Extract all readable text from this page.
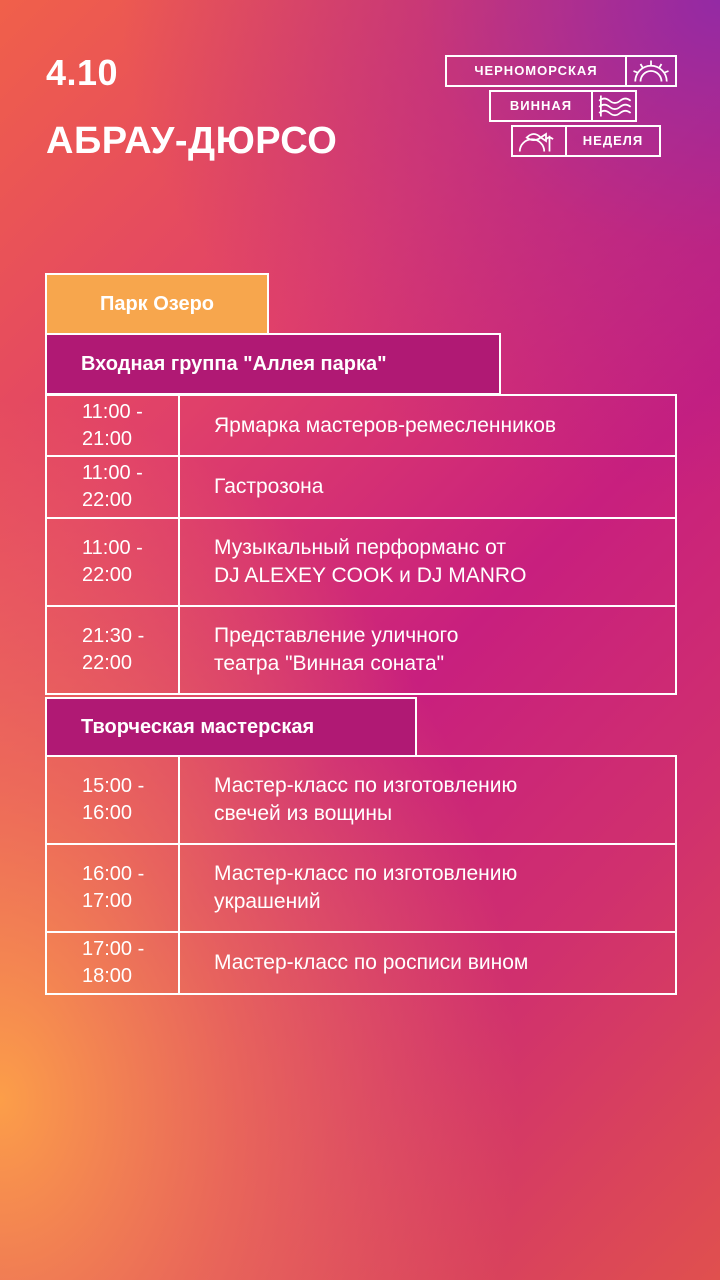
4.10
АБРАУ-ДЮРСО
ЧЕРНОМОРСКАЯ
ВИННАЯ
НЕДЕЛЯ
Парк Озеро
Входная группа "Аллея парка"
11:00 -
21:00
Ярмарка мастеров-ремесленников
11:00 -
22:00
Гастрозона
11:00 -
22:00
Музыкальный перформанс от
DJ ALEXEY COOK и DJ MANRO
21:30 -
22:00
Представление уличного
театра "Винная соната"
Творческая мастерская
15:00 -
16:00
Мастер-класс по изготовлению
свечей из вощины
16:00 -
17:00
Мастер-класс по изготовлению
украшений
17:00 -
18:00
Мастер-класс по росписи вином
